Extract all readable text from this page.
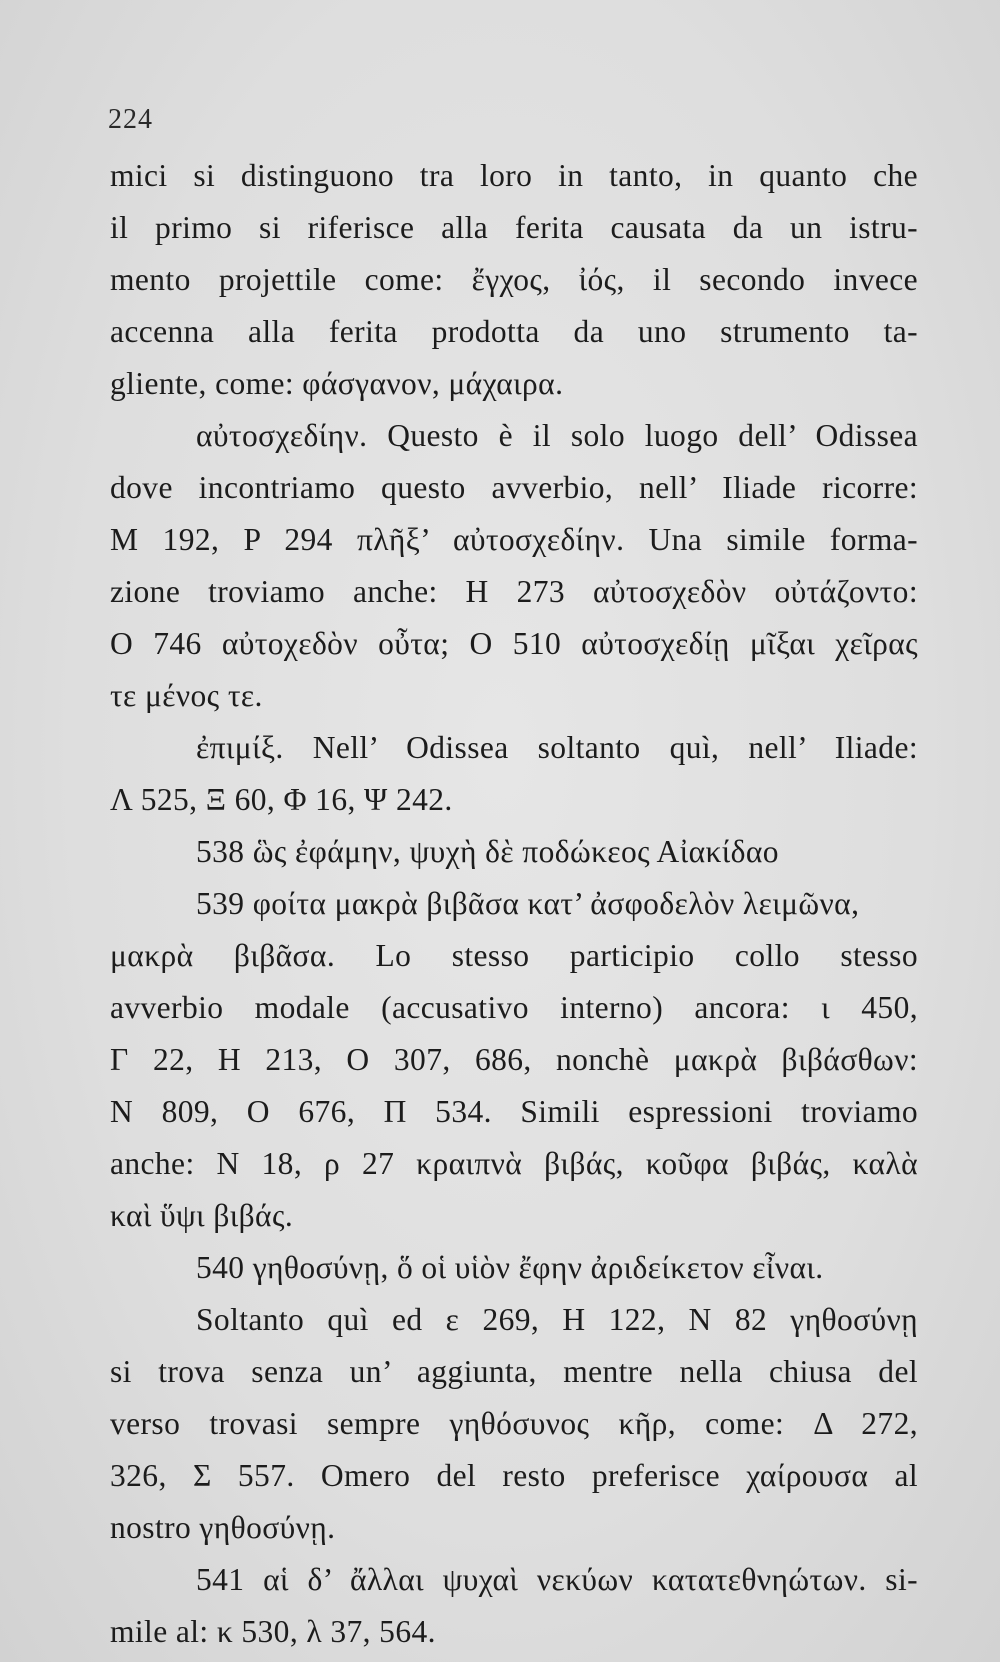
224
mici si distinguono tra loro in tanto, in quanto che
il primo si riferisce alla ferita causata da un istru-
mento projettile come: ἔγχος, ἰός, il secondo invece
accenna alla ferita prodotta da uno strumento ta-
gliente, come: φάσγανον, μάχαιρα.
αὐτοσχεδίην. Questo è il solo luogo dell’ Odissea
dove incontriamo questo avverbio, nell’ Iliade ricorre:
M 192, P 294 πλῆξ’ αὐτοσχεδίην. Una simile forma-
zione troviamo anche: H 273 αὐτοσχεδὸν οὐτάζοντο:
O 746 αὐτοχεδὸν οὖτα; O 510 αὐτοσχεδίῃ μῖξαι χεῖρας
τε μένος τε.
ἐπιμίξ. Nell’ Odissea soltanto quì, nell’ Iliade:
Λ 525, Ξ 60, Φ 16, Ψ 242.
538 ὣς ἐφάμην, ψυχὴ δὲ ποδώκεος Αἰακίδαο
539 φοίτα μακρὰ βιβᾶσα κατ’ ἀσφοδελὸν λειμῶνα,
μακρὰ βιβᾶσα. Lo stesso participio collo stesso
avverbio modale (accusativo interno) ancora: ι 450,
Γ 22, H 213, O 307, 686, nonchè μακρὰ βιβάσθων:
N 809, O 676, Π 534. Simili espressioni troviamo
anche: N 18, ρ 27 κραιπνὰ βιβάς, κοῦφα βιβάς, καλὰ
καὶ ὕψι βιβάς.
540 γηθοσύνῃ, ὅ οἱ υἱὸν ἔφην ἀριδείκετον εἶναι.
Soltanto quì ed ε 269, H 122, N 82 γηθοσύνῃ
si trova senza un’ aggiunta, mentre nella chiusa del
verso trovasi sempre γηθόσυνος κῆρ, come: Δ 272,
326, Σ 557. Omero del resto preferisce χαίρουσα al
nostro γηθοσύνῃ.
541 αἱ δ’ ἄλλαι ψυχαὶ νεκύων κατατεθνηώτων. si-
mile al: κ 530, λ 37, 564.
